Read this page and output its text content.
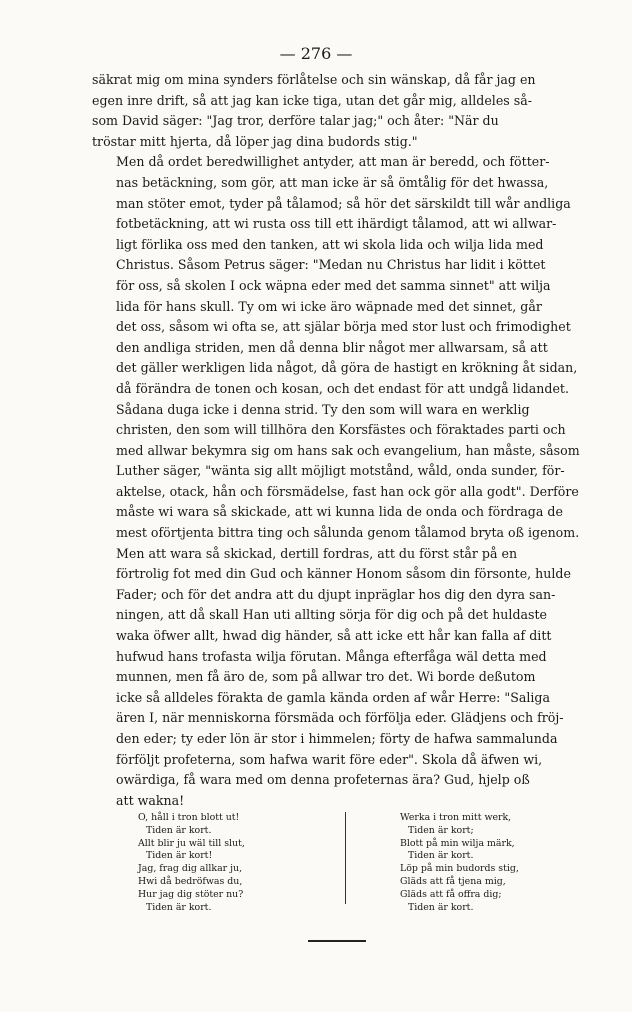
— 276 —

säkrat mig om mina synders förlåtelse och sin wänskap, då får jag en
egen inre drift, så att jag kan icke tiga, utan det går mig, alldeles så-
som David säger: "Jag tror, derföre talar jag;" och åter: "När du
tröstar mitt hjerta, då löper jag dina budords stig."

Men då ordet beredwillighet antyder, att man är beredd, och fötter-
nas betäckning, som gör, att man icke är så ömtålig för det hwassa,
man stöter emot, tyder på tålamod; så hör det särskildt till wår andliga
fotbetäckning, att wi rusta oss till ett ihärdigt tålamod, att wi allwar-
ligt förlika oss med den tanken, att wi skola lida och wilja lida med
Christus. Såsom Petrus säger: "Medan nu Christus har lidit i köttet
för oss, så skolen I ock wäpna eder med det samma sinnet" att wilja
lida för hans skull. Ty om wi icke äro wäpnade med det sinnet, går
det oss, såsom wi ofta se, att själar börja med stor lust och frimodighet
den andliga striden, men då denna blir något mer allwarsam, så att
det gäller werkligen lida något, då göra de hastigt en krökning åt sidan,
då förändra de tonen och kosan, och det endast för att undgå lidandet.
Sådana duga icke i denna strid. Ty den som will wara en werklig
christen, den som will tillhöra den Korsfästes och föraktades parti och
med allwar bekymra sig om hans sak och evangelium, han måste, såsom
Luther säger, "wänta sig allt möjligt motstånd, wåld, onda sunder, för-
aktelse, otack, hån och försmädelse, fast han ock gör alla godt". Derföre
måste wi wara så skickade, att wi kunna lida de onda och fördraga de
mest oförtjenta bittra ting och sålunda genom tålamod bryta oß igenom.

Men att wara så skickad, dertill fordras, att du först står på en
förtrolig fot med din Gud och känner Honom såsom din försonte, hulde
Fader; och för det andra att du djupt inpräglar hos dig den dyra san-
ningen, att då skall Han uti allting sörja för dig och på det huldaste
waka öfwer allt, hwad dig händer, så att icke ett hår kan falla af ditt
hufwud hans trofasta wilja förutan. Många efterfåga wäl detta med
munnen, men få äro de, som på allwar tro det. Wi borde deßutom
icke så alldeles förakta de gamla kända orden af wår Herre: "Saliga
ären I, när menniskorna försmäda och förfölja eder. Glädjens och fröj-
den eder; ty eder lön är stor i himmelen; förty de hafwa sammalunda
förföljt profeterna, som hafwa warit före eder". Skola då äfwen wi,
owärdiga, få wara med om denna profeternas ära? Gud, hjelp oß
att wakna!

O, håll i tron blott ut!
Tiden är kort.
Allt blir ju wäl till slut,
Tiden är kort!
Jag, frag dig allkar ju,
Hwi då bedröfwas du,
Hur jag dig stöter nu?
Tiden är kort.
Werka i tron mitt werk,
Tiden är kort;
Blott på min wilja märk,
Tiden är kort.
Löp på min budords stig,
Gläds att få tjena mig,
Gläds att få offra dig;
Tiden är kort.
